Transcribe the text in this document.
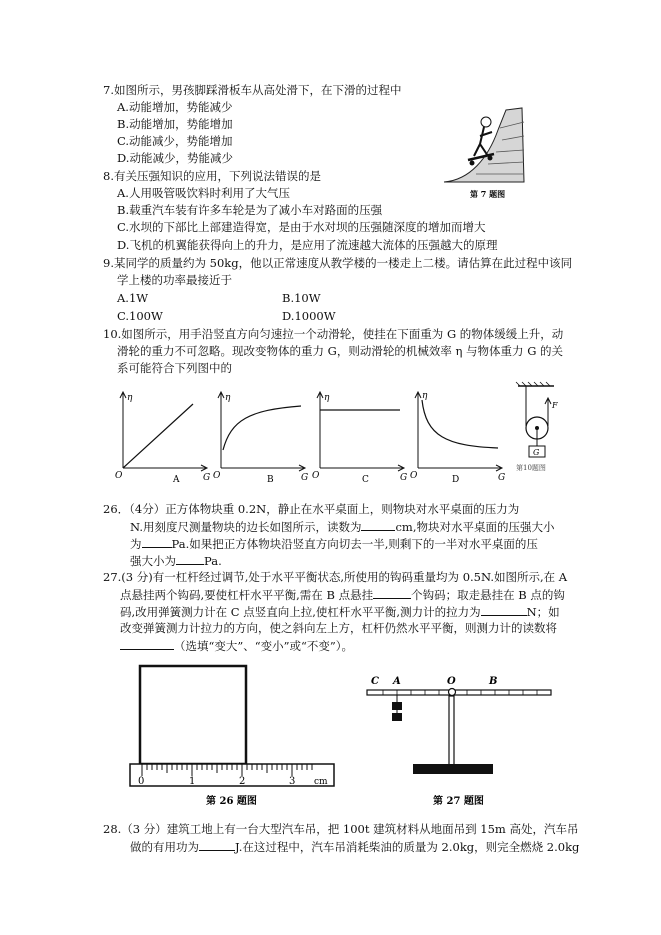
7.如图所示，男孩脚踩滑板车从高处滑下，在下滑的过程中
A.动能增加，势能减少
B.动能增加，势能增加
C.动能减少，势能增加
D.动能减少，势能减少
第 7 题图
8.有关压强知识的应用，下列说法错误的是
A.人用吸管吸饮料时利用了大气压
B.载重汽车装有许多车轮是为了减小车对路面的压强
C.水坝的下部比上部建造得宽，是由于水对坝的压强随深度的增加而增大
D.飞机的机翼能获得向上的升力，是应用了流速越大流体的压强越大的原理
9.某同学的质量约为 50kg，他以正常速度从教学楼的一楼走上二楼。请估算在此过程中该同
学上楼的功率最接近于
A.1W	B.10W
C.100W	D.1000W
10.如图所示，用手沿竖直方向匀速拉一个动滑轮，使挂在下面重为 G 的物体缓缓上升，动
滑轮的重力不可忽略。现改变物体的重力 G，则动滑轮的机械效率 η 与物体重力 G 的关
系可能符合下列图中的
η
G
O	A
η
G
O	B
η
G
O	C
η
G
O	D
F
G
第10题图
26．（4分）正方体物块重 0.2N，静止在水平桌面上，则物块对水平桌面的压力为
N.用刻度尺测量物块的边长如图所示，读数为	cm,物块对水平桌面的压强大小
为	Pa.如果把正方体物块沿竖直方向切去一半,则剩下的一半对水平桌面的压
强大小为 Pa.
27.(3 分)有一杠杆经过调节,处于水平平衡状态,所使用的钩码重量均为 0.5N.如图所示,在 A
点悬挂两个钩码,要使杠杆水平平衡,需在 B 点悬挂	个钩码；取走悬挂在 B 点的钩
码,改用弹簧测力计在 C 点竖直向上拉,使杠杆水平平衡,测力计的拉力为	N；如
改变弹簧测力计拉力的方向，使之斜向左上方，杠杆仍然水平平衡，则测力计的读数将
（选填“变大”、“变小”或“不变”）。
0	1	2	3 cm
第 26 题图
C A	O	B
第 27 题图
28.（3 分）建筑工地上有一台大型汽车吊，把 100t 建筑材料从地面吊到 15m 高处，汽车吊
做的有用功为	J.在这过程中，汽车吊消耗柴油的质量为 2.0kg，则完全燃烧 2.0kg
